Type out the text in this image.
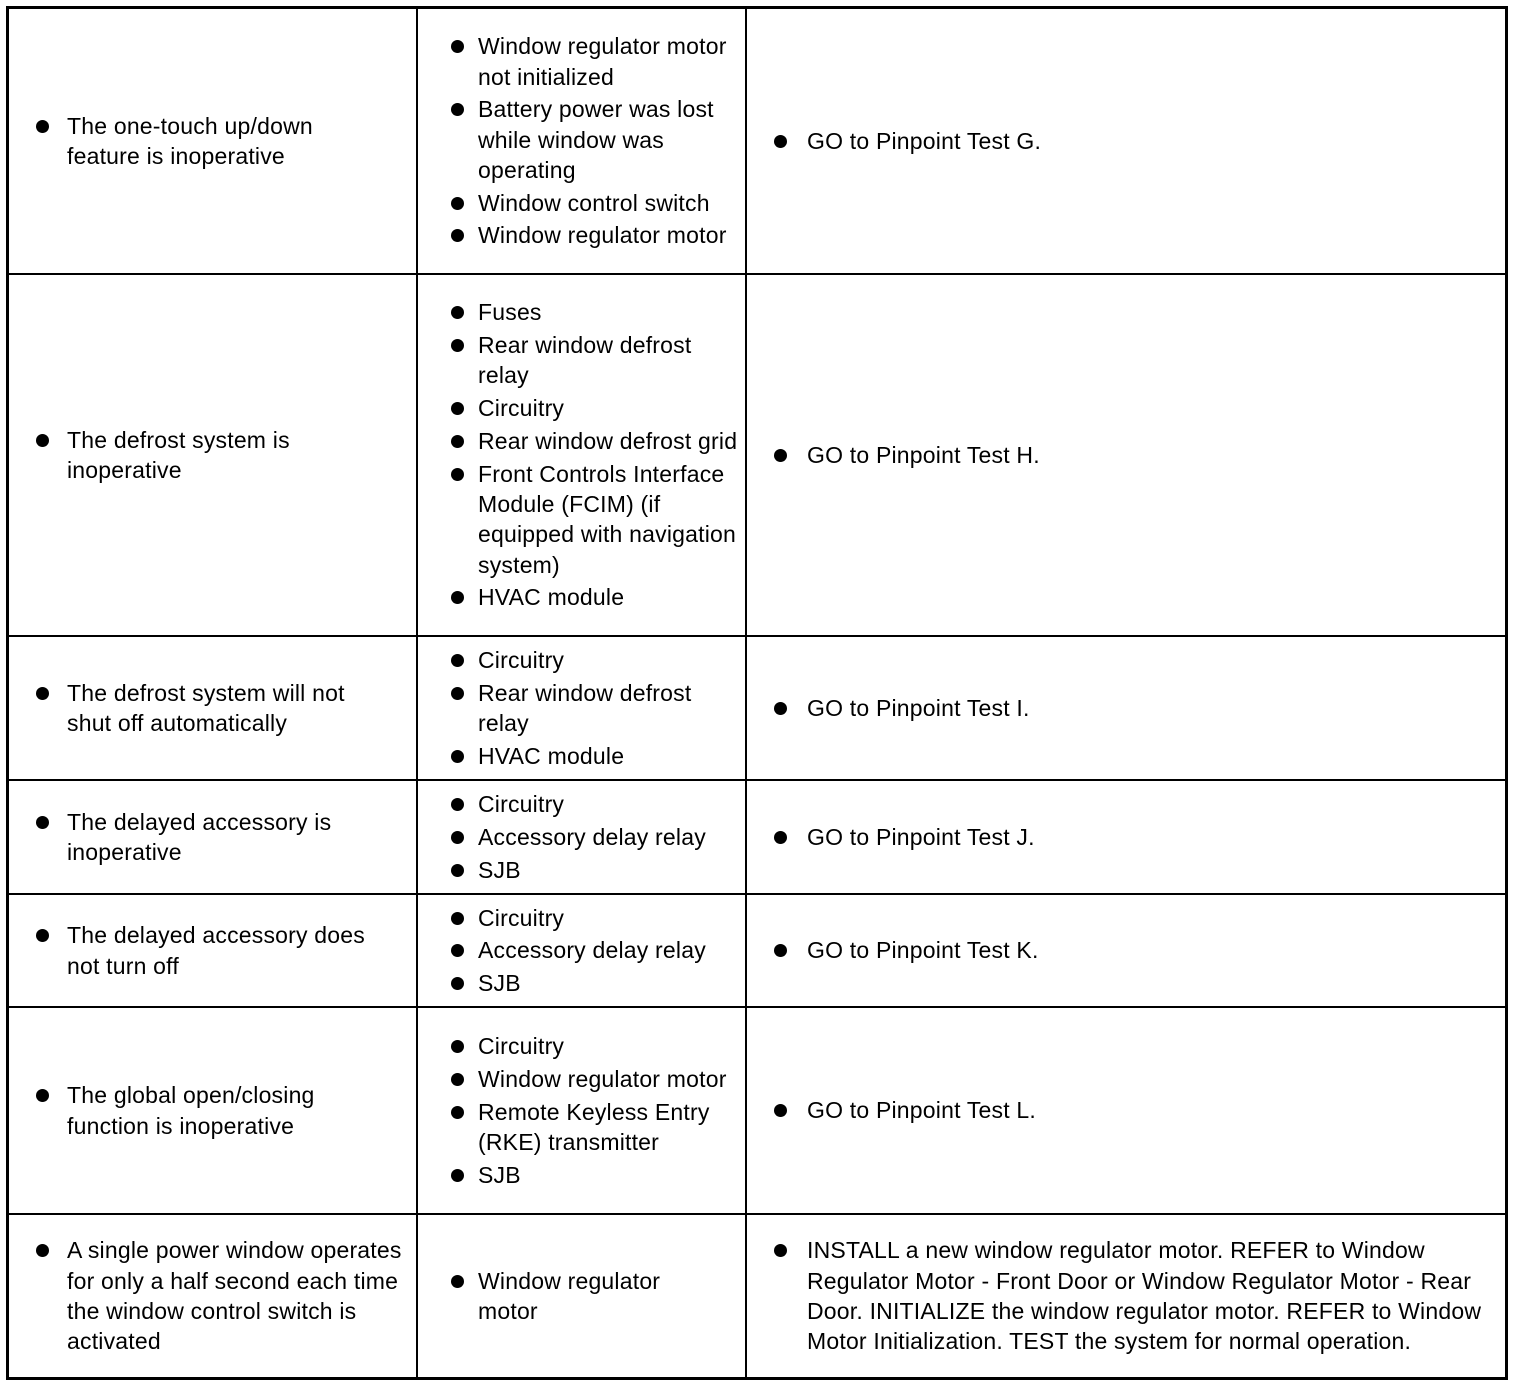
The one-touch up/down feature is inoperative
Window regulator motor not initialized
Battery power was lost while window was operating
Window control switch
Window regulator motor
GO to Pinpoint Test G.
The defrost system is inoperative
Fuses
Rear window defrost relay
Circuitry
Rear window defrost grid
Front Controls Interface Module (FCIM) (if equipped with navigation system)
HVAC module
GO to Pinpoint Test H.
The defrost system will not shut off automatically
Circuitry
Rear window defrost relay
HVAC module
GO to Pinpoint Test I.
The delayed accessory is inoperative
Circuitry
Accessory delay relay
SJB
GO to Pinpoint Test J.
The delayed accessory does not turn off
Circuitry
Accessory delay relay
SJB
GO to Pinpoint Test K.
The global open/closing function is inoperative
Circuitry
Window regulator motor
Remote Keyless Entry (RKE) transmitter
SJB
GO to Pinpoint Test L.
A single power window operates for only a half second each time the window control switch is activated
Window regulator motor
INSTALL a new window regulator motor. REFER to Window Regulator Motor - Front Door or Window Regulator Motor - Rear Door. INITIALIZE the window regulator motor. REFER to Window Motor Initialization. TEST the system for normal operation.
